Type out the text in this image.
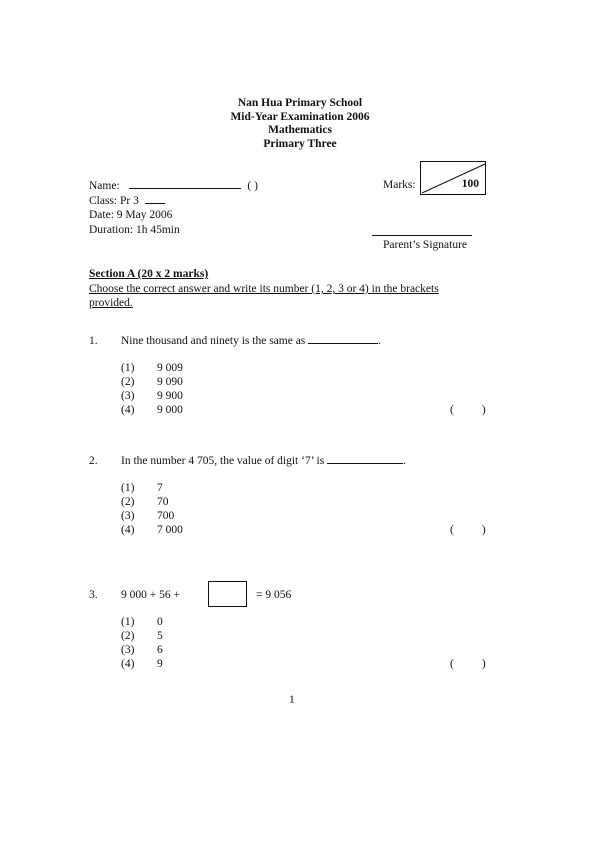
Nan Hua Primary School
Mid-Year Examination 2006
Mathematics
Primary Three
Name:	( )
Class: Pr 3
Date: 9 May 2006
Duration: 1h 45min
Marks:	100
Parent’s Signature
Section A (20 x 2 marks)
Choose the correct answer and write its number (1, 2, 3 or 4) in the brackets provided.
1. Nine thousand and ninety is the same as	.
(1)	9 009
(2)	9 090
(3)	9 900
(4)	9 000	( )
2. In the number 4 705, the value of digit ‘7’ is	.
(1)	7
(2)	70
(3)	700
(4)	7 000	( )
3. 9 000 + 56 +	= 9 056
(1)	0
(2)	5
(3)	6
(4)	9	( )
1
